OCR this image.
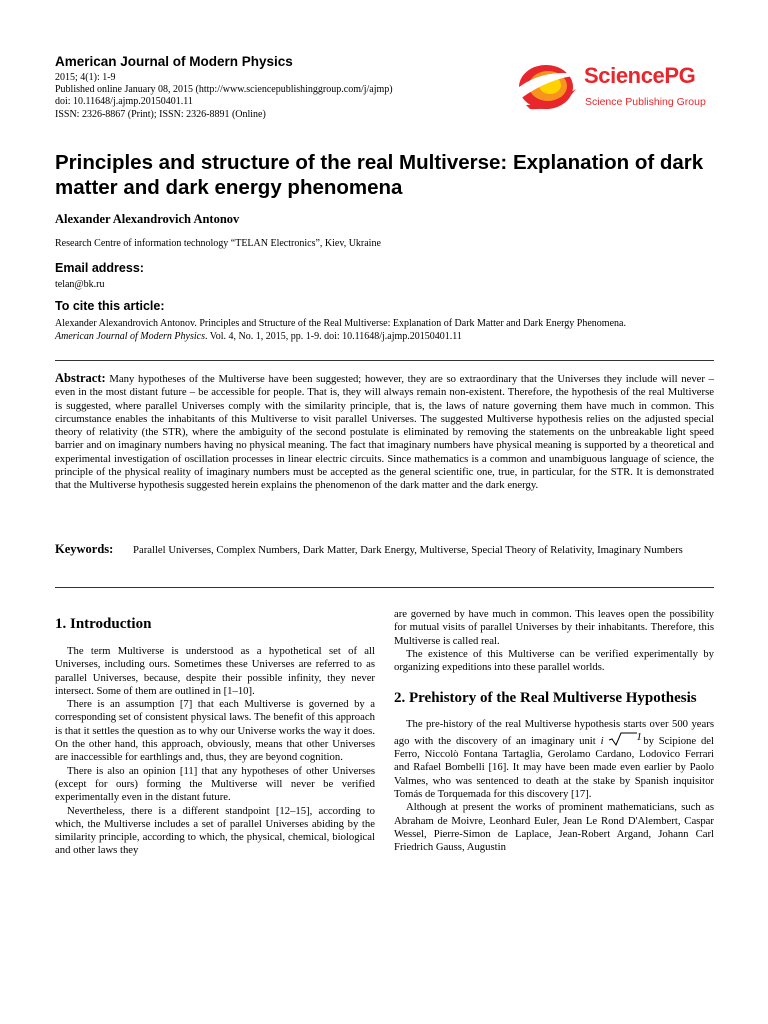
American Journal of Modern Physics
2015; 4(1): 1-9
Published online January 08, 2015 (http://www.sciencepublishinggroup.com/j/ajmp)
doi: 10.11648/j.ajmp.20150401.11
ISSN: 2326-8867 (Print); ISSN: 2326-8891 (Online)
SciencePG
Science Publishing Group
Principles and structure of the real Multiverse: Explanation of dark matter and dark energy phenomena
Alexander Alexandrovich Antonov
Research Centre of information technology “TELAN Electronics”, Kiev, Ukraine
Email address:
telan@bk.ru
To cite this article:
Alexander Alexandrovich Antonov. Principles and Structure of the Real Multiverse: Explanation of Dark Matter and Dark Energy Phenomena.
American Journal of Modern Physics. Vol. 4, No. 1, 2015, pp. 1-9. doi: 10.11648/j.ajmp.20150401.11
Abstract: Many hypotheses of the Multiverse have been suggested; however, they are so extraordinary that the Universes they include will never – even in the most distant future – be accessible for people. That is, they will always remain non-existent. Therefore, the hypothesis of the real Multiverse is suggested, where parallel Universes comply with the similarity principle, that is, the laws of nature governing them have much in common. This circumstance enables the inhabitants of this Multiverse to visit parallel Universes. The suggested Multiverse hypothesis relies on the adjusted special theory of relativity (the STR), where the ambiguity of the second postulate is eliminated by removing the statements on the unbreakable light speed barrier and on imaginary numbers having no physical meaning. The fact that imaginary numbers have physical meaning is supported by a theoretical and experimental investigation of oscillation processes in linear electric circuits. Since mathematics is a common and unambiguous language of science, the principle of the physical reality of imaginary numbers must be accepted as the general scientific one, true, in particular, for the STR. It is demonstrated that the Multiverse hypothesis suggested herein explains the phenomenon of the dark matter and the dark energy.
Keywords: Parallel Universes, Complex Numbers, Dark Matter, Dark Energy, Multiverse, Special Theory of Relativity, Imaginary Numbers
1. Introduction

The term Multiverse is understood as a hypothetical set of all Universes, including ours. Sometimes these Universes are referred to as parallel Universes, because, despite their possible infinity, they never intersect. Some of them are outlined in [1–10].

There is an assumption [7] that each Multiverse is governed by a corresponding set of consistent physical laws. The benefit of this approach is that it settles the question as to why our Universe works the way it does. On the other hand, this approach, obviously, means that other Universes are inaccessible for earthlings and, thus, they are beyond cognition.

There is also an opinion [11] that any hypotheses of other Universes (except for ours) forming the Multiverse will never be verified experimentally even in the distant future.

Nevertheless, there is a different standpoint [12–15], according to which, the Multiverse includes a set of parallel Universes abiding by the similarity principle, according to which, the physical, chemical, biological and other laws they

are governed by have much in common. This leaves open the possibility for mutual visits of parallel Universes by their inhabitants. Therefore, this Multiverse is called real.

The existence of this Multiverse can be verified experimentally by organizing expeditions into these parallel worlds.

2. Prehistory of the Real Multiverse Hypothesis

The pre-history of the real Multiverse hypothesis starts over 500 years ago with the discovery of an imaginary unit i	1 by Scipione del Ferro, Niccolò Fontana Tartaglia, Gerolamo Cardano, Lodovico Ferrari and Rafael Bombelli [16]. It may have been made even earlier by Paolo Valmes, who was sentenced to death at the stake by Spanish inquisitor Tomás de Torquemada for this discovery [17].

Although at present the works of prominent mathematicians, such as Abraham de Moivre, Leonhard Euler, Jean Le Rond D'Alembert, Caspar Wessel, Pierre-Simon de Laplace, Jean-Robert Argand, Johann Carl Friedrich Gauss, Augustin
